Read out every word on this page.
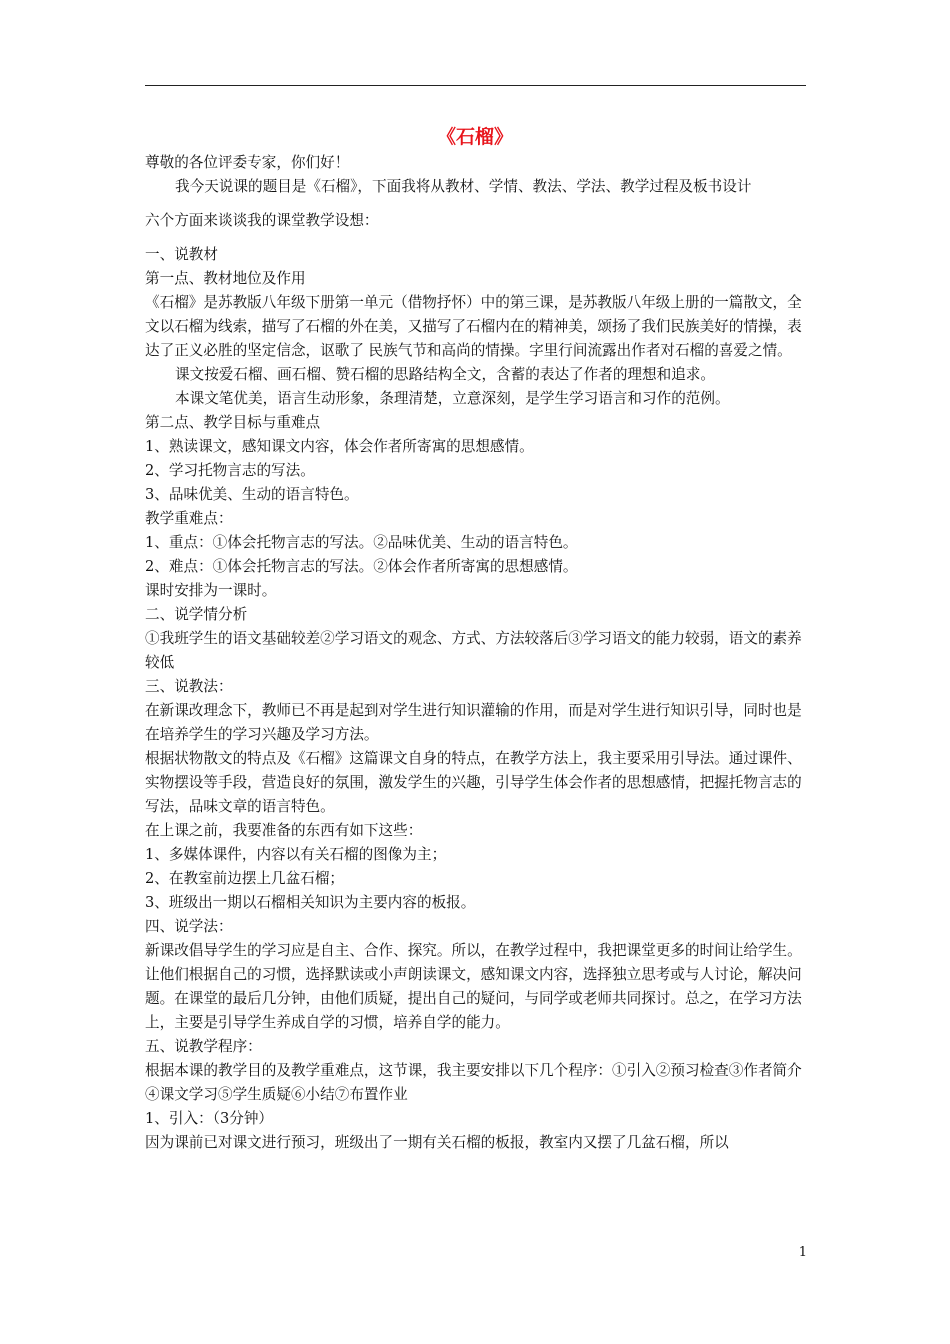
《石榴》

尊敬的各位评委专家，你们好！

我今天说课的题目是《石榴》，下面我将从教材、学情、教法、学法、教学过程及板书设计

六个方面来谈谈我的课堂教学设想：

一、说教材

第一点、教材地位及作用

《石榴》是苏教版八年级下册第一单元（借物抒怀）中的第三课，是苏教版八年级上册的一篇散文，全文以石榴为线索，描写了石榴的外在美，又描写了石榴内在的精神美，颂扬了我们民族美好的情操，表达了正义必胜的坚定信念，讴歌了 民族气节和高尚的情操。字里行间流露出作者对石榴的喜爱之情。

课文按爱石榴、画石榴、赞石榴的思路结构全文，含蓄的表达了作者的理想和追求。

本课文笔优美，语言生动形象，条理清楚，立意深刻，是学生学习语言和习作的范例。

第二点、教学目标与重难点

1、熟读课文，感知课文内容，体会作者所寄寓的思想感情。

2、学习托物言志的写法。

3、品味优美、生动的语言特色。

教学重难点：

1、重点：①体会托物言志的写法。②品味优美、生动的语言特色。

2、难点：①体会托物言志的写法。②体会作者所寄寓的思想感情。

课时安排为一课时。

二、说学情分析

①我班学生的语文基础较差②学习语文的观念、方式、方法较落后③学习语文的能力较弱，语文的素养较低

三、说教法：

在新课改理念下，教师已不再是起到对学生进行知识灌输的作用，而是对学生进行知识引导，同时也是在培养学生的学习兴趣及学习方法。

根据状物散文的特点及《石榴》这篇课文自身的特点，在教学方法上，我主要采用引导法。通过课件、实物摆设等手段，营造良好的氛围，激发学生的兴趣，引导学生体会作者的思想感情，把握托物言志的写法，品味文章的语言特色。

在上课之前，我要准备的东西有如下这些：

1、多媒体课件，内容以有关石榴的图像为主；

2、在教室前边摆上几盆石榴；

3、班级出一期以石榴相关知识为主要内容的板报。

四、说学法：

新课改倡导学生的学习应是自主、合作、探究。所以，在教学过程中，我把课堂更多的时间让给学生。让他们根据自己的习惯，选择默读或小声朗读课文，感知课文内容，选择独立思考或与人讨论，解决问题。在课堂的最后几分钟，由他们质疑，提出自己的疑问，与同学或老师共同探讨。总之，在学习方法上，主要是引导学生养成自学的习惯，培养自学的能力。

五、说教学程序：

根据本课的教学目的及教学重难点，这节课，我主要安排以下几个程序：①引入②预习检查③作者简介④课文学习⑤学生质疑⑥小结⑦布置作业

1、引入：（3分钟）

因为课前已对课文进行预习，班级出了一期有关石榴的板报，教室内又摆了几盆石榴，所以

1
